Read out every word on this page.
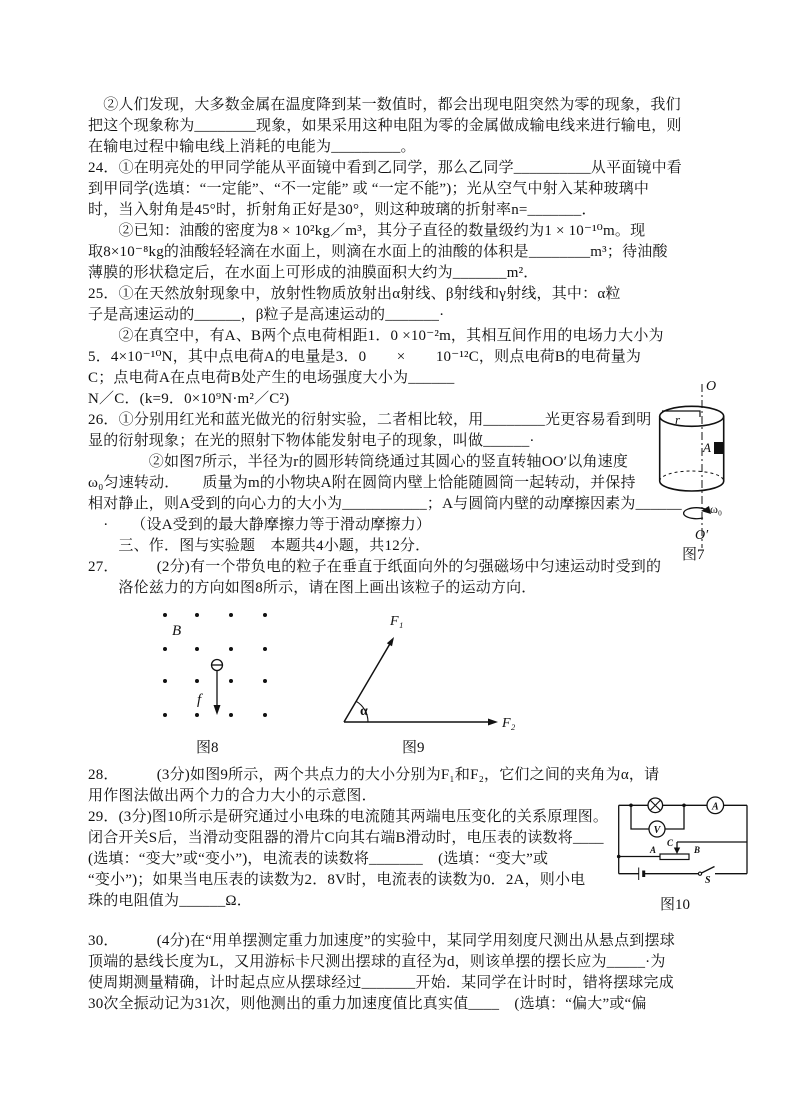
　②人们发现，大多数金属在温度降到某一数值时，都会出现电阻突然为零的现象，我们
把这个现象称为________现象，如果采用这种电阻为零的金属做成输电线来进行输电，则
在输电过程中输电线上消耗的电能为_________。
24．①在明亮处的甲同学能从平面镜中看到乙同学，那么乙同学__________从平面镜中看
到甲同学(选填：“一定能”、“不一定能” 或 “一定不能”)；光从空气中射入某种玻璃中
时，当入射角是45°时，折射角正好是30°，则这种玻璃的折射率n=_______．
　　②已知：油酸的密度为8 × 10²kg／m³，其分子直径的数量级约为1 × 10⁻¹⁰m。现
取8×10⁻⁸kg的油酸轻轻滴在水面上，则滴在水面上的油酸的体积是________m³；待油酸
薄膜的形状稳定后，在水面上可形成的油膜面积大约为_______m²．
25．①在天然放射现象中，放射性物质放射出α射线、β射线和γ射线，其中：α粒
子是高速运动的______，β粒子是高速运动的_______·
　　②在真空中，有A、B两个点电荷相距1．0 ×10⁻²m，其相互间作用的电场力大小为
5．4×10⁻¹⁰N，其中点电荷A的电量是3．0　　×　　10⁻¹²C，则点电荷B的电荷量为
C；点电荷A在点电荷B处产生的电场强度大小为______
N／C．(k=9．0×10⁹N·m²／C²)
26．①分别用红光和蓝光做光的衍射实验，二者相比较，用________光更容易看到明
显的衍射现象；在光的照射下物体能发射电子的现象，叫做______·
　　　　②如图7所示，半径为r的圆形转筒绕通过其圆心的竖直转轴OO′以角速度
ω₀匀速转动．　　质量为m的小物块A附在圆筒内壁上恰能随圆筒一起转动，并保持
相对静止，则A受到的向心力的大小为___________；A与圆筒内壁的动摩擦因素为______
　·　　（设A受到的最大静摩擦力等于滑动摩擦力）
　　三、作．图与实验题　本题共4小题，共12分．
27．　　　(2分)有一个带负电的粒子在垂直于纸面向外的匀强磁场中匀速运动时受到的
　　洛伦兹力的方向如图8所示，请在图上画出该粒子的运动方向．
28．　　　(3分)如图9所示，两个共点力的大小分别为F₁和F₂，它们之间的夹角为α，请
用作图法做出两个力的合力大小的示意图．
29．(3分)图10所示是研究通过小电珠的电流随其两端电压变化的关系原理图。
闭合开关S后，当滑动变阻器的滑片C向其右端B滑动时，电压表的读数将____
(选填：“变大”或“变小”)，电流表的读数将_______　(选填：“变大”或
“变小”)；如果当电压表的读数为2．8V时，电流表的读数为0．2A，则小电
珠的电阻值为______Ω．
30．　　　(4分)在“用单摆测定重力加速度”的实验中，某同学用刻度尺测出从悬点到摆球
顶端的悬线长度为L，又用游标卡尺测出摆球的直径为d，则该单摆的摆长应为_____·为
使周期测量精确，计时起点应从摆球经过_______开始．某同学在计时时，错将摆球完成
30次全振动记为31次，则他测出的重力加速度值比真实值____　(选填：“偏大”或“偏
r
A
ω₀
O
O′
图7
B
f
图8
F₁
F₂
α
图9
A
V
A
C
B
S
图10
